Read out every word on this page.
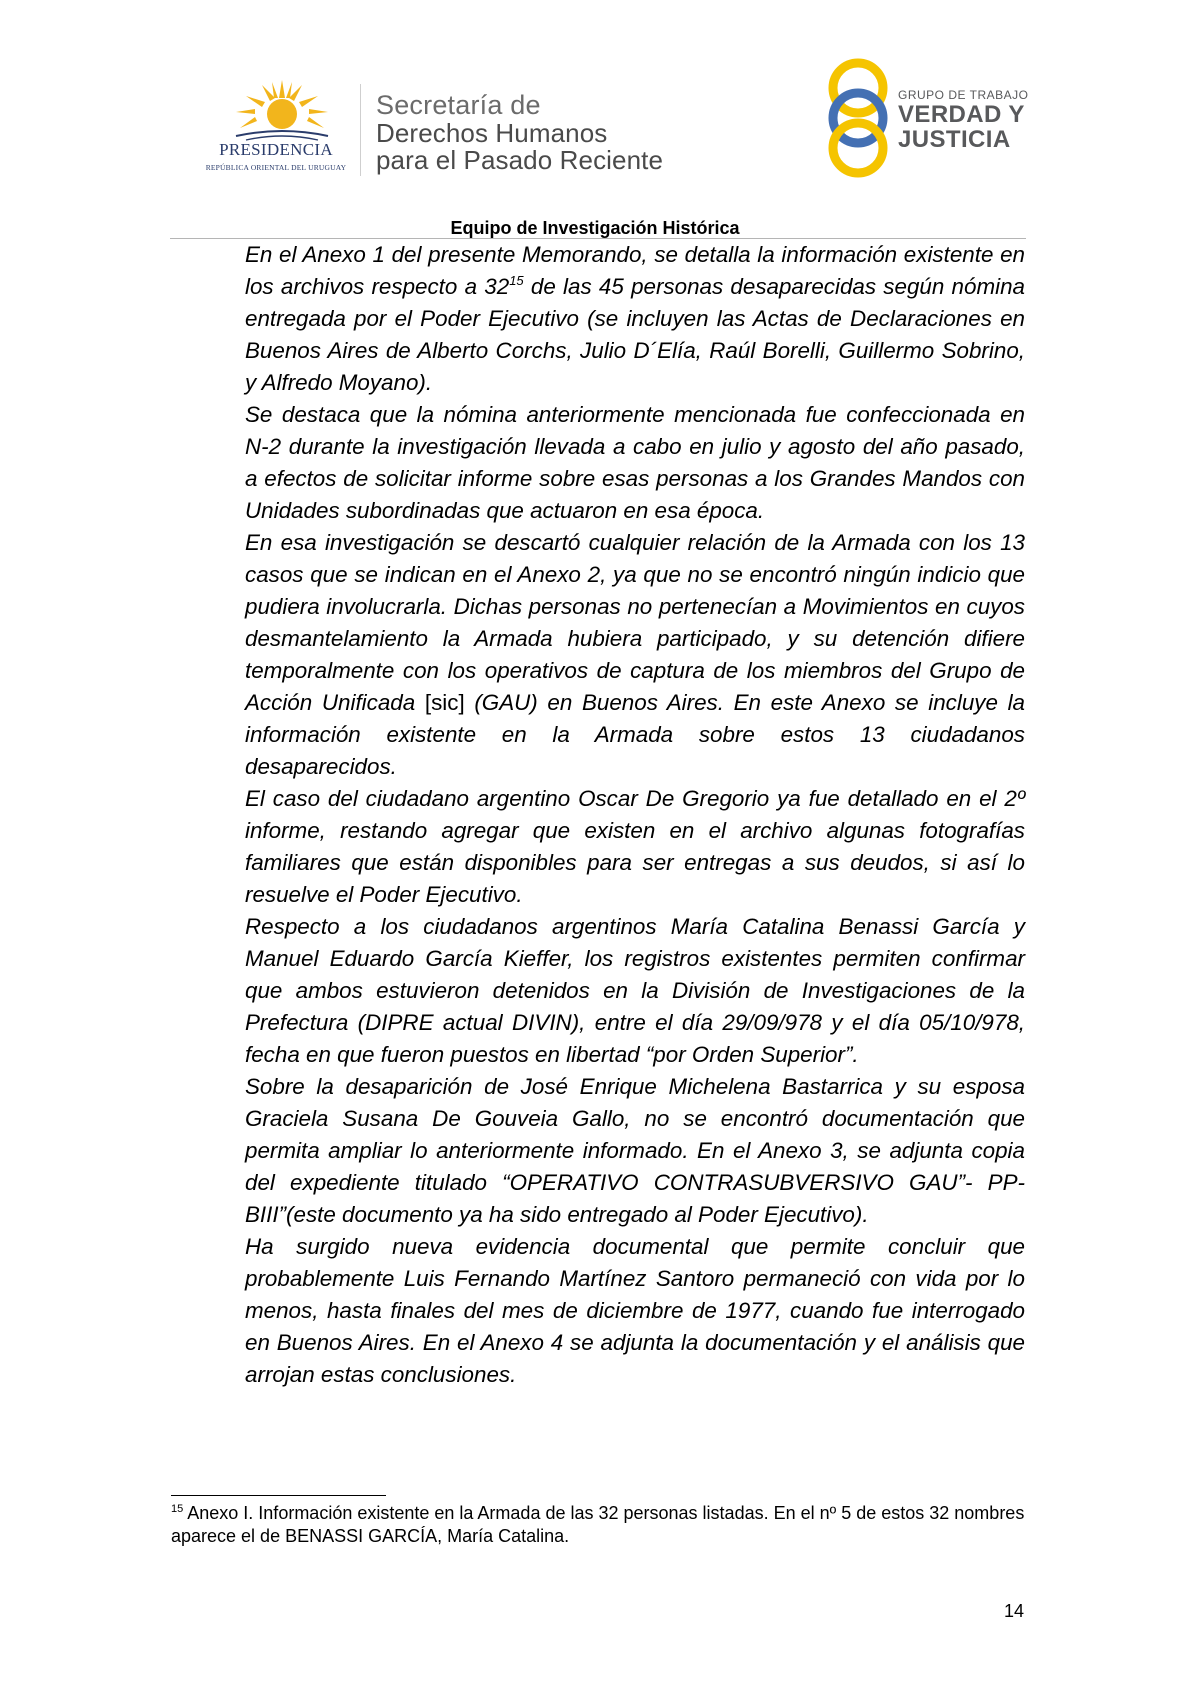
PRESIDENCIA
REPÚBLICA ORIENTAL DEL URUGUAY
Secretaría de
Derechos Humanos
para el Pasado Reciente
GRUPO DE TRABAJO
VERDAD Y
JUSTICIA
Equipo de Investigación Histórica

En el Anexo 1 del presente Memorando, se detalla la información existente en los archivos respecto a $32^{15}$ de las 45 personas desaparecidas según nómina entregada por el Poder Ejecutivo (se incluyen las Actas de Declaraciones en Buenos Aires de Alberto Corchs, Julio D´Elía, Raúl Borelli, Guillermo Sobrino, y Alfredo Moyano).

Se destaca que la nómina anteriormente mencionada fue confeccionada en N-2 durante la investigación llevada a cabo en julio y agosto del año pasado, a efectos de solicitar informe sobre esas personas a los Grandes Mandos con Unidades subordinadas que actuaron en esa época.

En esa investigación se descartó cualquier relación de la Armada con los 13 casos que se indican en el Anexo 2, ya que no se encontró ningún indicio que pudiera involucrarla. Dichas personas no pertenecían a Movimientos en cuyos desmantelamiento la Armada hubiera participado, y su detención difiere temporalmente con los operativos de captura de los miembros del Grupo de Acción Unificada [sic] (GAU) en Buenos Aires. En este Anexo se incluye la información existente en la Armada sobre estos 13 ciudadanos desaparecidos.

El caso del ciudadano argentino Oscar De Gregorio ya fue detallado en el 2º informe, restando agregar que existen en el archivo algunas fotografías familiares que están disponibles para ser entregas a sus deudos, si así lo resuelve el Poder Ejecutivo.

Respecto a los ciudadanos argentinos María Catalina Benassi García y Manuel Eduardo García Kieffer, los registros existentes permiten confirmar que ambos estuvieron detenidos en la División de Investigaciones de la Prefectura (DIPRE actual DIVIN), entre el día 29/09/978 y el día 05/10/978, fecha en que fueron puestos en libertad “por Orden Superior”.

Sobre la desaparición de José Enrique Michelena Bastarrica y su esposa Graciela Susana De Gouveia Gallo, no se encontró documentación que permita ampliar lo anteriormente informado. En el Anexo 3, se adjunta copia del expediente titulado “OPERATIVO CONTRASUBVERSIVO GAU”- PP-BIII”(este documento ya ha sido entregado al Poder Ejecutivo).

Ha surgido nueva evidencia documental que permite concluir que probablemente Luis Fernando Martínez Santoro permaneció con vida por lo menos, hasta finales del mes de diciembre de 1977, cuando fue interrogado en Buenos Aires. En el Anexo 4 se adjunta la documentación y el análisis que arrojan estas conclusiones.

$^{15}$ Anexo I. Información existente en la Armada de las 32 personas listadas. En el nº 5 de estos 32 nombres aparece el de BENASSI GARCÍA, María Catalina.
14
